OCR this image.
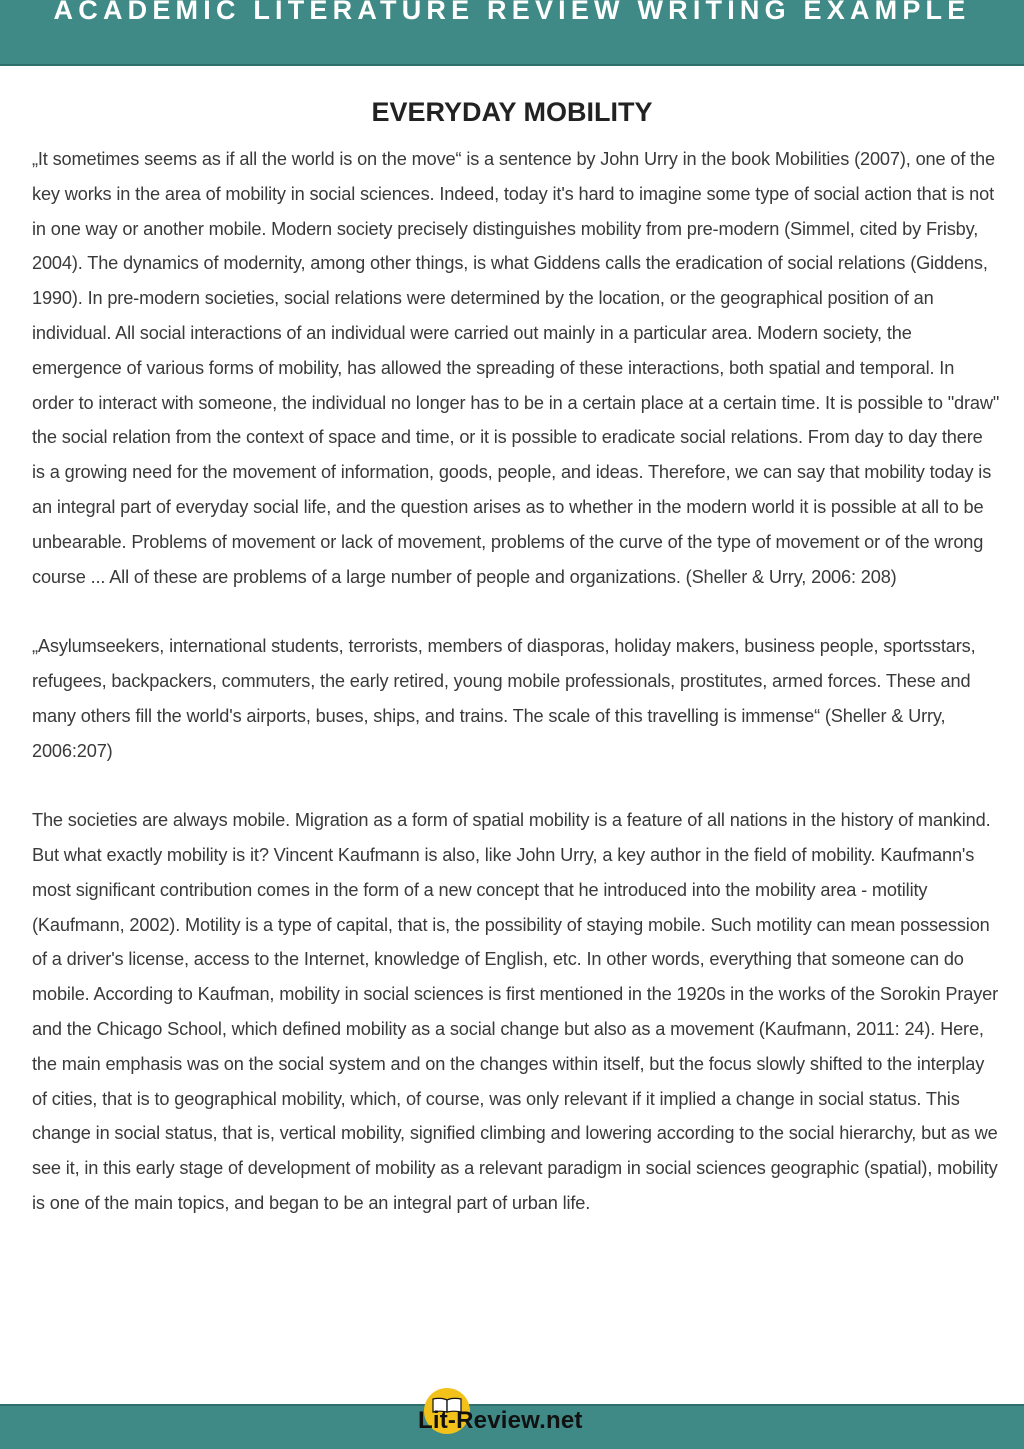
ACADEMIC LITERATURE REVIEW WRITING EXAMPLE
EVERYDAY MOBILITY

„It sometimes seems as if all the world is on the move“ is a sentence by John Urry in the book Mobilities (2007), one of the key works in the area of mobility in social sciences. Indeed, today it's hard to imagine some type of social action that is not in one way or another mobile. Modern society precisely distinguishes mobility from pre-modern (Simmel, cited by Frisby, 2004). The dynamics of modernity, among other things, is what Giddens calls the eradication of social relations (Giddens, 1990). In pre-modern societies, social relations were determined by the location, or the geographical position of an individual. All social interactions of an individual were carried out mainly in a particular area. Modern society, the emergence of various forms of mobility, has allowed the spreading of these interactions, both spatial and temporal. In order to interact with someone, the individual no longer has to be in a certain place at a certain time. It is possible to "draw" the social relation from the context of space and time, or it is possible to eradicate social relations. From day to day there is a growing need for the movement of information, goods, people, and ideas. Therefore, we can say that mobility today is an integral part of everyday social life, and the question arises as to whether in the modern world it is possible at all to be unbearable. Problems of movement or lack of movement, problems of the curve of the type of movement or of the wrong course ... All of these are problems of a large number of people and organizations. (Sheller & Urry, 2006: 208)

„Asylumseekers, international students, terrorists, members of diasporas, holiday makers, business people, sportsstars, refugees, backpackers, commuters, the early retired, young mobile professionals, prostitutes, armed forces. These and many others fill the world's airports, buses, ships, and trains. The scale of this travelling is immense“ (Sheller & Urry, 2006:207)

The societies are always mobile. Migration as a form of spatial mobility is a feature of all nations in the history of mankind. But what exactly mobility is it? Vincent Kaufmann is also, like John Urry, a key author in the field of mobility. Kaufmann's most significant contribution comes in the form of a new concept that he introduced into the mobility area - motility (Kaufmann, 2002). Motility is a type of capital, that is, the possibility of staying mobile. Such motility can mean possession of a driver's license, access to the Internet, knowledge of English, etc. In other words, everything that someone can do mobile. According to Kaufman, mobility in social sciences is first mentioned in the 1920s in the works of the Sorokin Prayer and the Chicago School, which defined mobility as a social change but also as a movement (Kaufmann, 2011: 24). Here, the main emphasis was on the social system and on the changes within itself, but the focus slowly shifted to the interplay of cities, that is to geographical mobility, which, of course, was only relevant if it implied a change in social status. This change in social status, that is, vertical mobility, signified climbing and lowering according to the social hierarchy, but as we see it, in this early stage of development of mobility as a relevant paradigm in social sciences geographic (spatial), mobility is one of the main topics, and began to be an integral part of urban life.

Lit-Review.net
